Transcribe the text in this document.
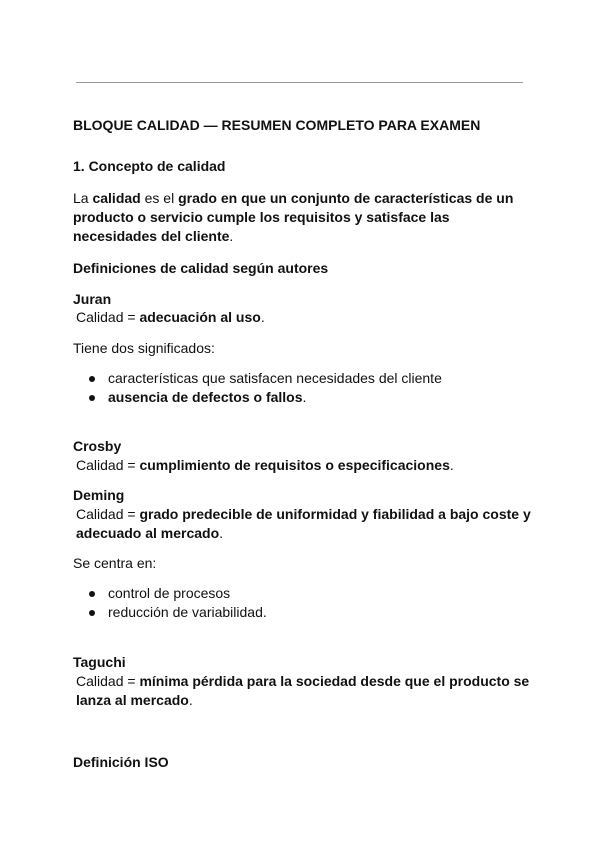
BLOQUE CALIDAD — RESUMEN COMPLETO PARA EXAMEN
1. Concepto de calidad
La calidad es el grado en que un conjunto de características de un producto o servicio cumple los requisitos y satisface las necesidades del cliente.
Definiciones de calidad según autores
Juran
Calidad = adecuación al uso.
Tiene dos significados:
características que satisfacen necesidades del cliente
ausencia de defectos o fallos.
Crosby
Calidad = cumplimiento de requisitos o especificaciones.
Deming
Calidad = grado predecible de uniformidad y fiabilidad a bajo coste y adecuado al mercado.
Se centra en:
control de procesos
reducción de variabilidad.
Taguchi
Calidad = mínima pérdida para la sociedad desde que el producto se lanza al mercado.
Definición ISO
